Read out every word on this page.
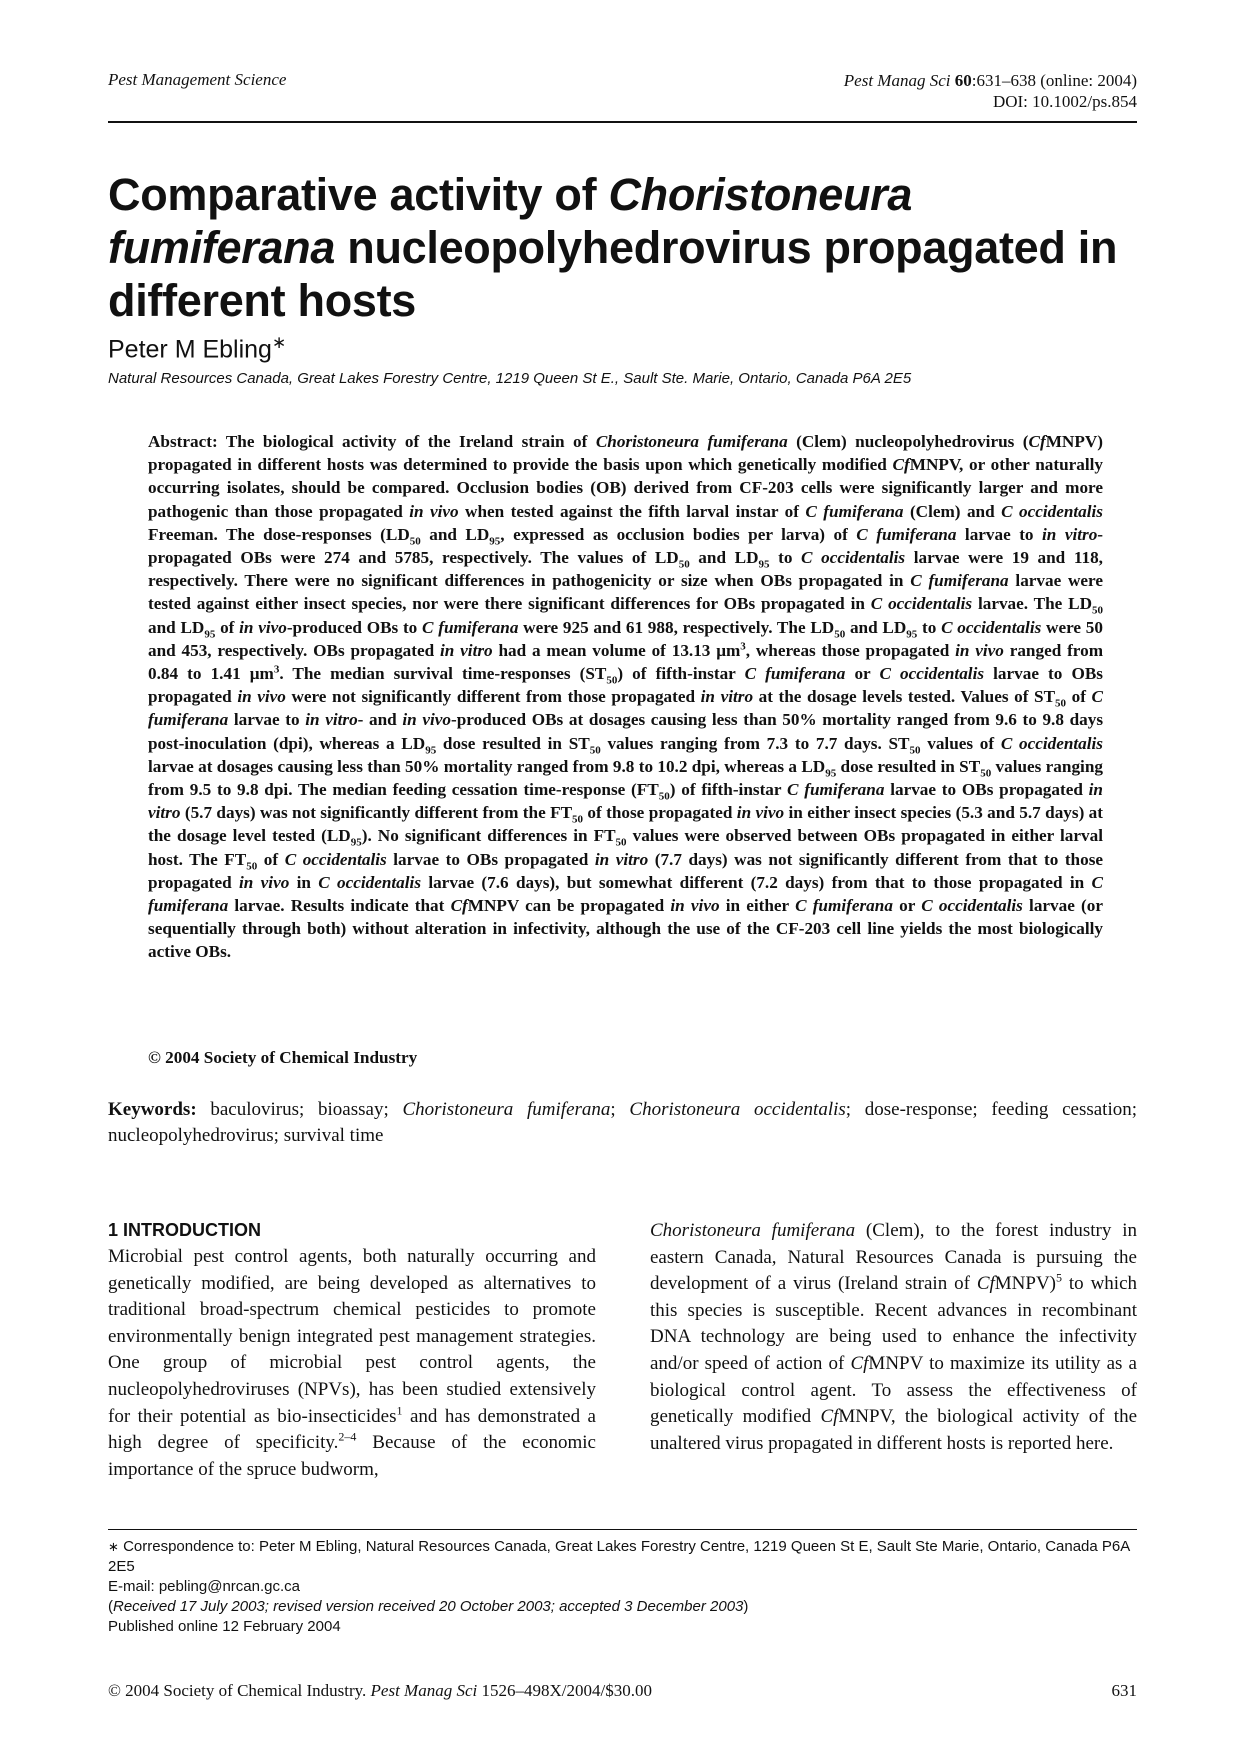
Pest Management Science	Pest Manag Sci 60:631–638 (online: 2004)
DOI: 10.1002/ps.854
Comparative activity of Choristoneura fumiferana nucleopolyhedrovirus propagated in different hosts
Peter M Ebling∗
Natural Resources Canada, Great Lakes Forestry Centre, 1219 Queen St E., Sault Ste. Marie, Ontario, Canada P6A 2E5

Abstract: The biological activity of the Ireland strain of Choristoneura fumiferana (Clem) nucleopolyhedrovirus (CfMNPV) propagated in different hosts was determined to provide the basis upon which genetically modified CfMNPV, or other naturally occurring isolates, should be compared. Occlusion bodies (OB) derived from CF-203 cells were significantly larger and more pathogenic than those propagated in vivo when tested against the fifth larval instar of C fumiferana (Clem) and C occidentalis Freeman. The dose-responses ($LD_{50}$ and $LD_{95}$, expressed as occlusion bodies per larva) of C fumiferana larvae to in vitro-propagated OBs were 274 and 5785, respectively. The values of $LD_{50}$ and $LD_{95}$ to C occidentalis larvae were 19 and 118, respectively. There were no significant differences in pathogenicity or size when OBs propagated in C fumiferana larvae were tested against either insect species, nor were there significant differences for OBs propagated in C occidentalis larvae. The $LD_{50}$ and $LD_{95}$ of in vivo-produced OBs to C fumiferana were 925 and 61 988, respectively. The $LD_{50}$ and $LD_{95}$ to C occidentalis were 50 and 453, respectively. OBs propagated in vitro had a mean volume of 13.13 $\mu m^3$, whereas those propagated in vivo ranged from 0.84 to 1.41 $\mu m^3$. The median survival time-responses $(ST_{50})$ of fifth-instar C fumiferana or C occidentalis larvae to OBs propagated in vivo were not significantly different from those propagated in vitro at the dosage levels tested. Values of $ST_{50}$ of C fumiferana larvae to in vitro- and in vivo-produced OBs at dosages causing less than 50% mortality ranged from 9.6 to 9.8 days post-inoculation (dpi), whereas a $LD_{95}$ dose resulted in $ST_{50}$ values ranging from 7.3 to 7.7 days. $ST_{50}$ values of C occidentalis larvae at dosages causing less than 50% mortality ranged from 9.8 to 10.2 dpi, whereas a $LD_{95}$ dose resulted in $ST_{50}$ values ranging from 9.5 to 9.8 dpi. The median feeding cessation time-response $(FT_{50})$ of fifth-instar C fumiferana larvae to OBs propagated in vitro (5.7 days) was not significantly different from the $FT_{50}$ of those propagated in vivo in either insect species (5.3 and 5.7 days) at the dosage level tested $(LD_{95})$. No significant differences in $FT_{50}$ values were observed between OBs propagated in either larval host. The $FT_{50}$ of C occidentalis larvae to OBs propagated in vitro (7.7 days) was not significantly different from that to those propagated in vivo in C occidentalis larvae (7.6 days), but somewhat different (7.2 days) from that to those propagated in C fumiferana larvae. Results indicate that CfMNPV can be propagated in vivo in either C fumiferana or C occidentalis larvae (or sequentially through both) without alteration in infectivity, although the use of the CF-203 cell line yields the most biologically active OBs.

© 2004 Society of Chemical Industry

Keywords: baculovirus; bioassay; Choristoneura fumiferana; Choristoneura occidentalis; dose-response; feeding cessation; nucleopolyhedrovirus; survival time

1 INTRODUCTION

Microbial pest control agents, both naturally occurring and genetically modified, are being developed as alternatives to traditional broad-spectrum chemical pesticides to promote environmentally benign integrated pest management strategies. One group of microbial pest control agents, the nucleopolyhedroviruses (NPVs), has been studied extensively for their potential as bio-insecticides$^1$ and has demonstrated a high degree of specificity.$^{2-4}$ Because of the economic importance of the spruce budworm,

Choristoneura fumiferana (Clem), to the forest industry in eastern Canada, Natural Resources Canada is pursuing the development of a virus (Ireland strain of CfMNPV)$^5$ to which this species is susceptible. Recent advances in recombinant DNA technology are being used to enhance the infectivity and/or speed of action of CfMNPV to maximize its utility as a biological control agent. To assess the effectiveness of genetically modified CfMNPV, the biological activity of the unaltered virus propagated in different hosts is reported here.

∗ Correspondence to: Peter M Ebling, Natural Resources Canada, Great Lakes Forestry Centre, 1219 Queen St E, Sault Ste Marie, Ontario, Canada P6A 2E5
E-mail: pebling@nrcan.gc.ca
(Received 17 July 2003; revised version received 20 October 2003; accepted 3 December 2003)
Published online 12 February 2004
© 2004 Society of Chemical Industry. Pest Manag Sci 1526–498X/2004/$30.00	631
